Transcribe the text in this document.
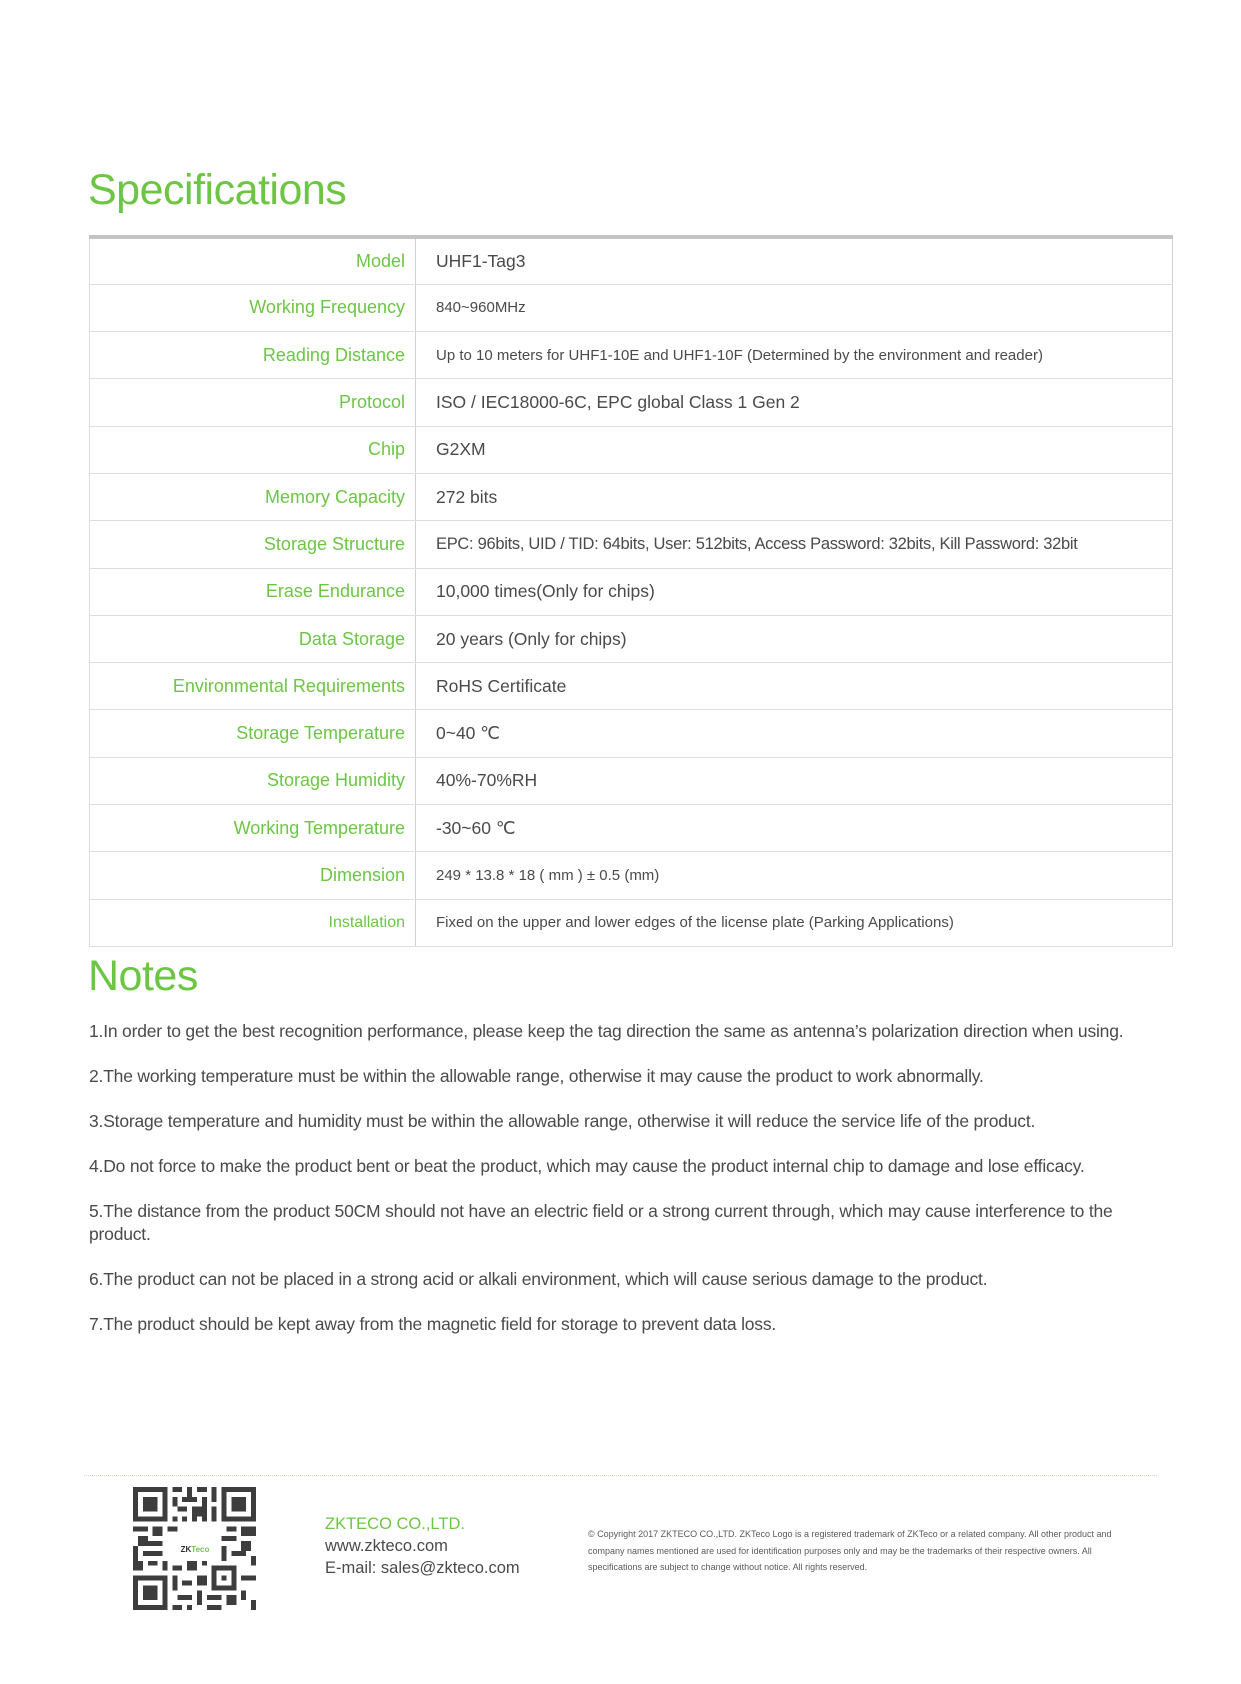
Specifications
Model	UHF1-Tag3
Working Frequency	840~960MHz
Reading Distance	Up to 10 meters for UHF1-10E and UHF1-10F (Determined by the environment and reader)
Protocol	ISO / IEC18000-6C, EPC global Class 1 Gen 2
Chip	G2XM
Memory Capacity	272 bits
Storage Structure	EPC: 96bits, UID / TID: 64bits, User: 512bits, Access Password: 32bits, Kill Password: 32bit
Erase Endurance	10,000 times(Only for chips)
Data Storage	20 years (Only for chips)
Environmental Requirements	RoHS Certificate
Storage Temperature	0~40 ℃
Storage Humidity	40%-70%RH
Working Temperature	-30~60 ℃
Dimension	249 * 13.8 * 18 ( mm ) ± 0.5 (mm)
Installation	Fixed on the upper and lower edges of the license plate (Parking Applications)
Notes

1.In order to get the best recognition performance, please keep the tag direction the same as antenna’s polarization direction when using.

2.The working temperature must be within the allowable range, otherwise it may cause the product to work abnormally.

3.Storage temperature and humidity must be within the allowable range, otherwise it will reduce the service life of the product.

4.Do not force to make the product bent or beat the product, which may cause the product internal chip to damage and lose efficacy.

5.The distance from the product 50CM should not have an electric field or a strong current through, which may cause interference to the product.

6.The product can not be placed in a strong acid or alkali environment, which will cause serious damage to the product.

7.The product should be kept away from the magnetic field for storage to prevent data loss.

ZK Teco
ZKTECO CO.,LTD.
www.zkteco.com
E-mail: sales@zkteco.com
© Copyright 2017 ZKTECO CO.,LTD. ZKTeco Logo is a registered trademark of ZKTeco or a related company. All other product and company names mentioned are used for identification purposes only and may be the trademarks of their respective owners. All specifications are subject to change without notice. All rights reserved.
